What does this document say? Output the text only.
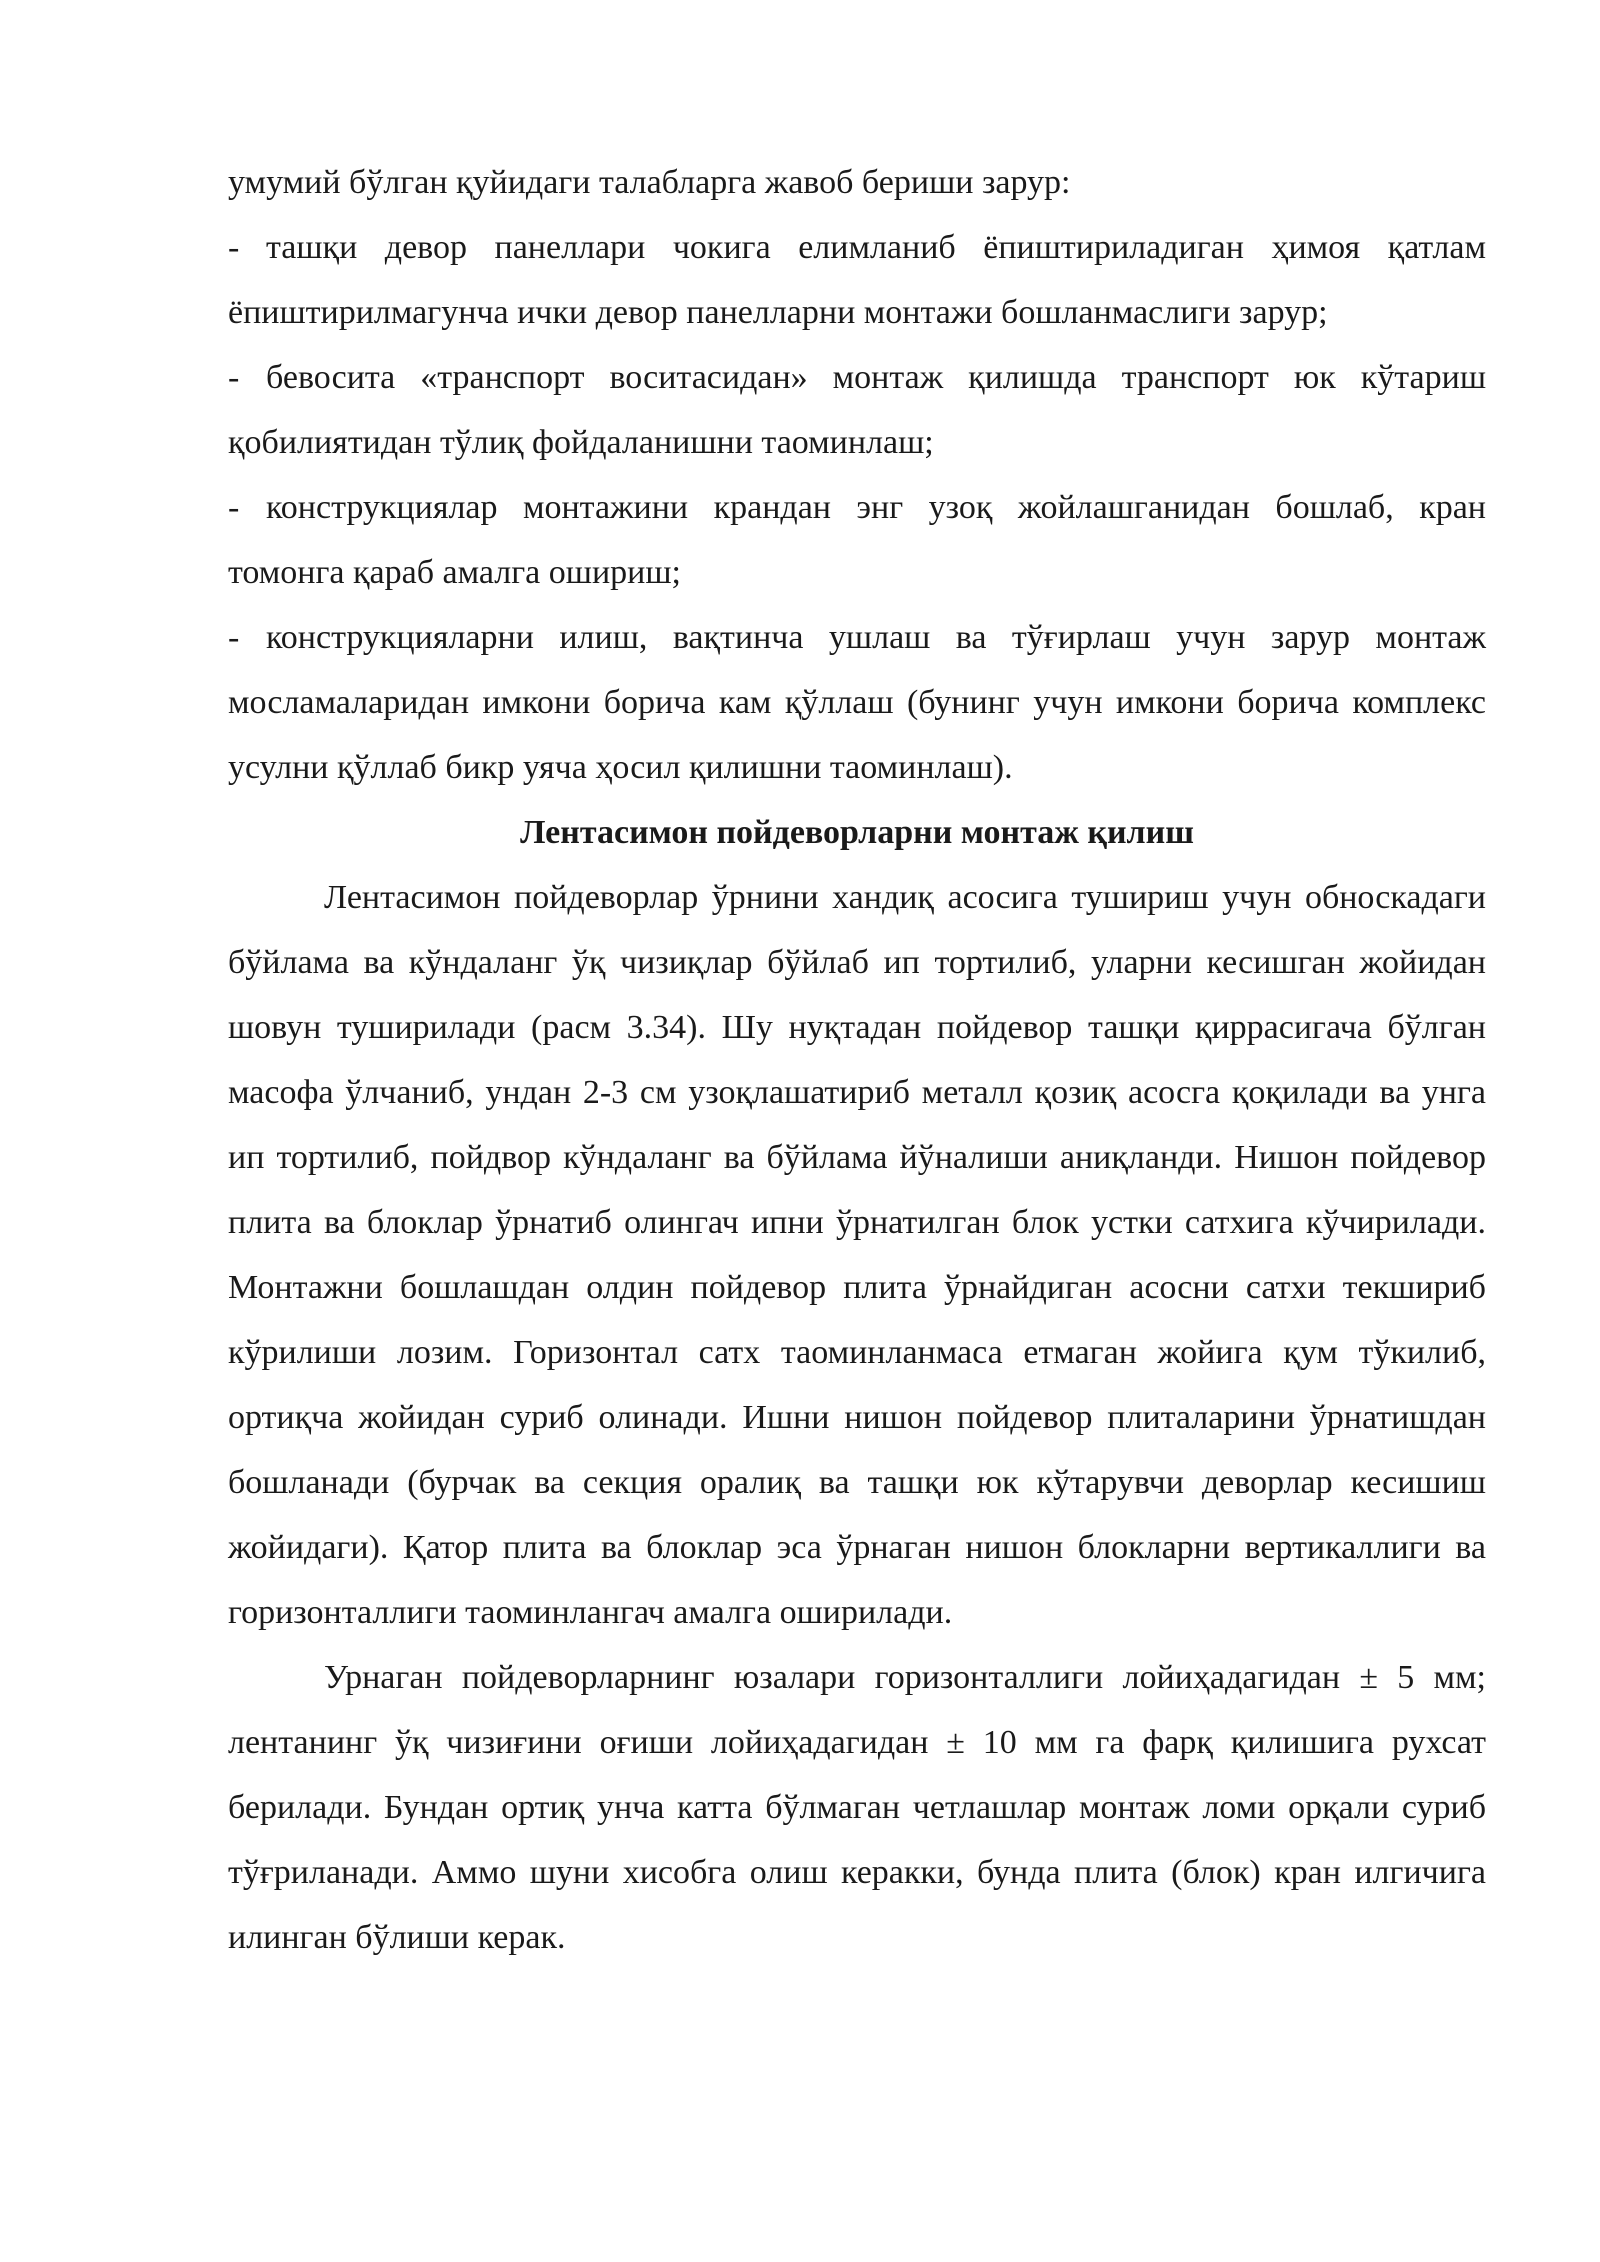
умумий бўлган қуйидаги талабларга жавоб бериши зарур:

- ташқи девор панеллари чокига елимланиб ёпиштириладиган ҳимоя қатлам ёпиштирилмагунча ички девор панелларни монтажи бошланмаслиги зарур;
- бевосита «транспорт воситасидан» монтаж қилишда транспорт юк кўтариш қобилиятидан тўлиқ фойдаланишни таоминлаш;
- конструкциялар монтажини крандан энг узоқ жойлашганидан бошлаб, кран томонга қараб амалга ошириш;
- конструкцияларни илиш, вақтинча ушлаш ва тўғирлаш учун зарур монтаж мосламаларидан имкони борича кам қўллаш (бунинг учун имкони борича комплекс усулни қўллаб бикр уяча ҳосил қилишни таоминлаш).
Лентасимон пойдеворларни монтаж қилиш

Лентасимон пойдеворлар ўрнини хандиқ асосига тушириш учун обноскадаги бўйлама ва кўндаланг ўқ чизиқлар бўйлаб ип тортилиб, уларни кесишган жойидан шовун туширилади (расм 3.34). Шу нуқтадан пойдевор ташқи қиррасигача бўлган масофа ўлчаниб, ундан 2-3 см узоқлашатириб металл қозиқ асосга қоқилади ва унга ип тортилиб, пойдвор кўндаланг ва бўйлама йўналиши аниқланди. Нишон пойдевор плита ва блоклар ўрнатиб олингач ипни ўрнатилган блок устки сатхига кўчирилади. Монтажни бошлашдан олдин пойдевор плита ўрнайдиган асосни сатхи текшириб кўрилиши лозим. Горизонтал сатх таоминланмаса етмаган жойига қум тўкилиб, ортиқча жойидан суриб олинади. Ишни нишон пойдевор плиталарини ўрнатишдан бошланади (бурчак ва секция оралиқ ва ташқи юк кўтарувчи деворлар кесишиш жойидаги). Қатор плита ва блоклар эса ўрнаган нишон блокларни вертикаллиги ва горизонталлиги таоминлангач амалга оширилади.

Урнаган пойдеворларнинг юзалари горизонталлиги лойиҳадагидан ± 5 мм; лентанинг ўқ чизиғини оғиши лойиҳадагидан ± 10 мм га фарқ қилишига рухсат берилади. Бундан ортиқ унча катта бўлмаган четлашлар монтаж ломи орқали суриб тўғриланади. Аммо шуни хисобга олиш керакки, бунда плита (блок) кран илгичига илинган бўлиши керак.
